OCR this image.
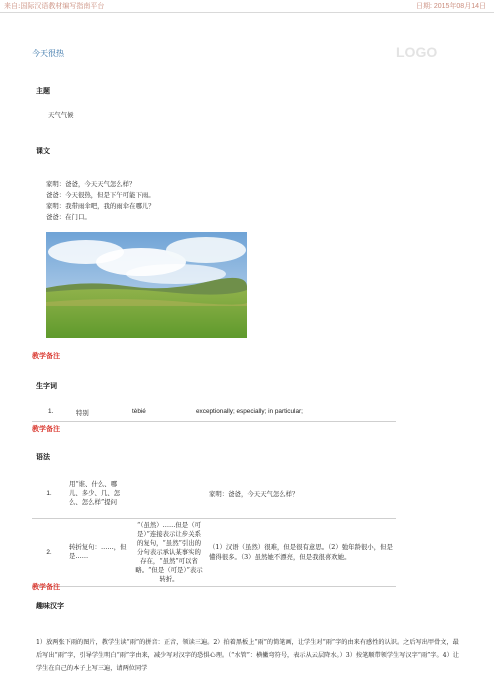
来自:国际汉语教材编写指南平台	日期: 2015年08月14日
今天很热	LOGO
主题
天气气候
课文
家明：爸爸，今天天气怎么样？
爸爸：今天很热，但是下午可能下雨。
家明：我带雨伞吧，我的雨伞在哪儿？
爸爸：在门口。
教学备注
生字词
1.	特别	tèbié	exceptionally; especially; in particular;
教学备注
语法
1.	用“谁、什么、哪儿、多少、几、怎么、怎么样”提问		家明：爸爸，今天天气怎么样？
2.	转折复句：……，但是……	“（虽然）……但是（可是）”连接表示让步关系的复句，“虽然”引出的分句表示承认某事实的存在，“虽然”可以省略。“但是（可是）”表示转折。	（1）汉语（虽然）很难，但是很有意思。（2）弛年龄很小，但是懂得很多。（3）虽然她不漂亮，但是我很喜欢她。
教学备注
趣味汉字
1）放两张下雨的图片，教学生读“雨”的拼音：正音，领读三遍。2）拍着黑板上“雨”的简笔画，让学生对“雨”字的由来有感性的认识。之后写出甲骨文，最后写出“雨”字，引导学生明白“雨”字由来，减少写对汉字的恐惧心理。（“水管”：横撇弯符号，表示从云层降水。）3）按笔顺带领学生写汉字“雨”字。4）让学生在自己的本子上写三遍，请两位同学
